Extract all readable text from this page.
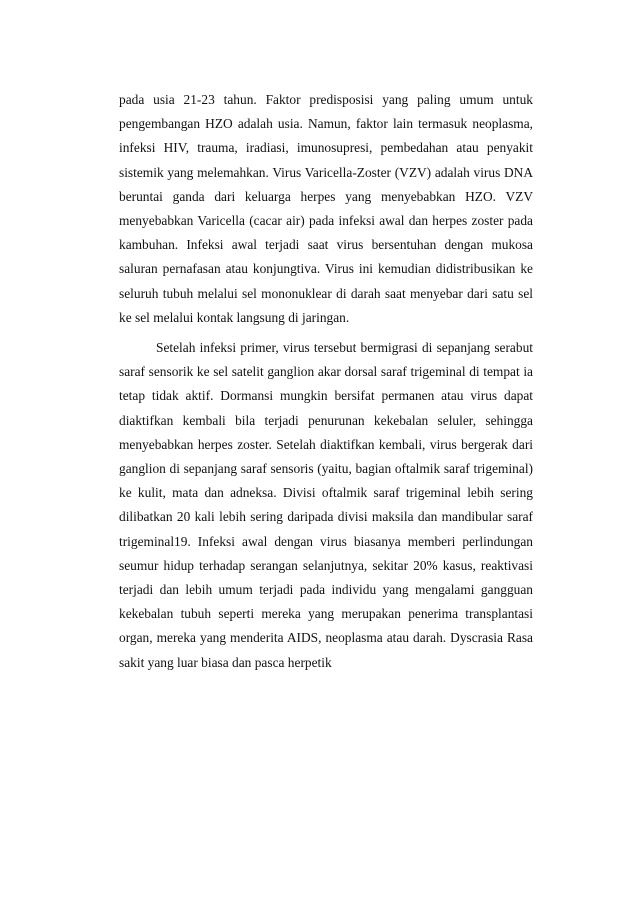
pada usia 21-23 tahun. Faktor predisposisi yang paling umum untuk pengembangan HZO adalah usia. Namun, faktor lain termasuk neoplasma, infeksi HIV, trauma, iradiasi, imunosupresi, pembedahan atau penyakit sistemik yang melemahkan. Virus Varicella-Zoster (VZV) adalah virus DNA beruntai ganda dari keluarga herpes yang menyebabkan HZO. VZV menyebabkan Varicella (cacar air) pada infeksi awal dan herpes zoster pada kambuhan. Infeksi awal terjadi saat virus bersentuhan dengan mukosa saluran pernafasan atau konjungtiva. Virus ini kemudian didistribusikan ke seluruh tubuh melalui sel mononuklear di darah saat menyebar dari satu sel ke sel melalui kontak langsung di jaringan.

Setelah infeksi primer, virus tersebut bermigrasi di sepanjang serabut saraf sensorik ke sel satelit ganglion akar dorsal saraf trigeminal di tempat ia tetap tidak aktif. Dormansi mungkin bersifat permanen atau virus dapat diaktifkan kembali bila terjadi penurunan kekebalan seluler, sehingga menyebabkan herpes zoster. Setelah diaktifkan kembali, virus bergerak dari ganglion di sepanjang saraf sensoris (yaitu, bagian oftalmik saraf trigeminal) ke kulit, mata dan adneksa. Divisi oftalmik saraf trigeminal lebih sering dilibatkan 20 kali lebih sering daripada divisi maksila dan mandibular saraf trigeminal19. Infeksi awal dengan virus biasanya memberi perlindungan seumur hidup terhadap serangan selanjutnya, sekitar 20% kasus, reaktivasi terjadi dan lebih umum terjadi pada individu yang mengalami gangguan kekebalan tubuh seperti mereka yang merupakan penerima transplantasi organ, mereka yang menderita AIDS, neoplasma atau darah. Dyscrasia Rasa sakit yang luar biasa dan pasca herpetik
